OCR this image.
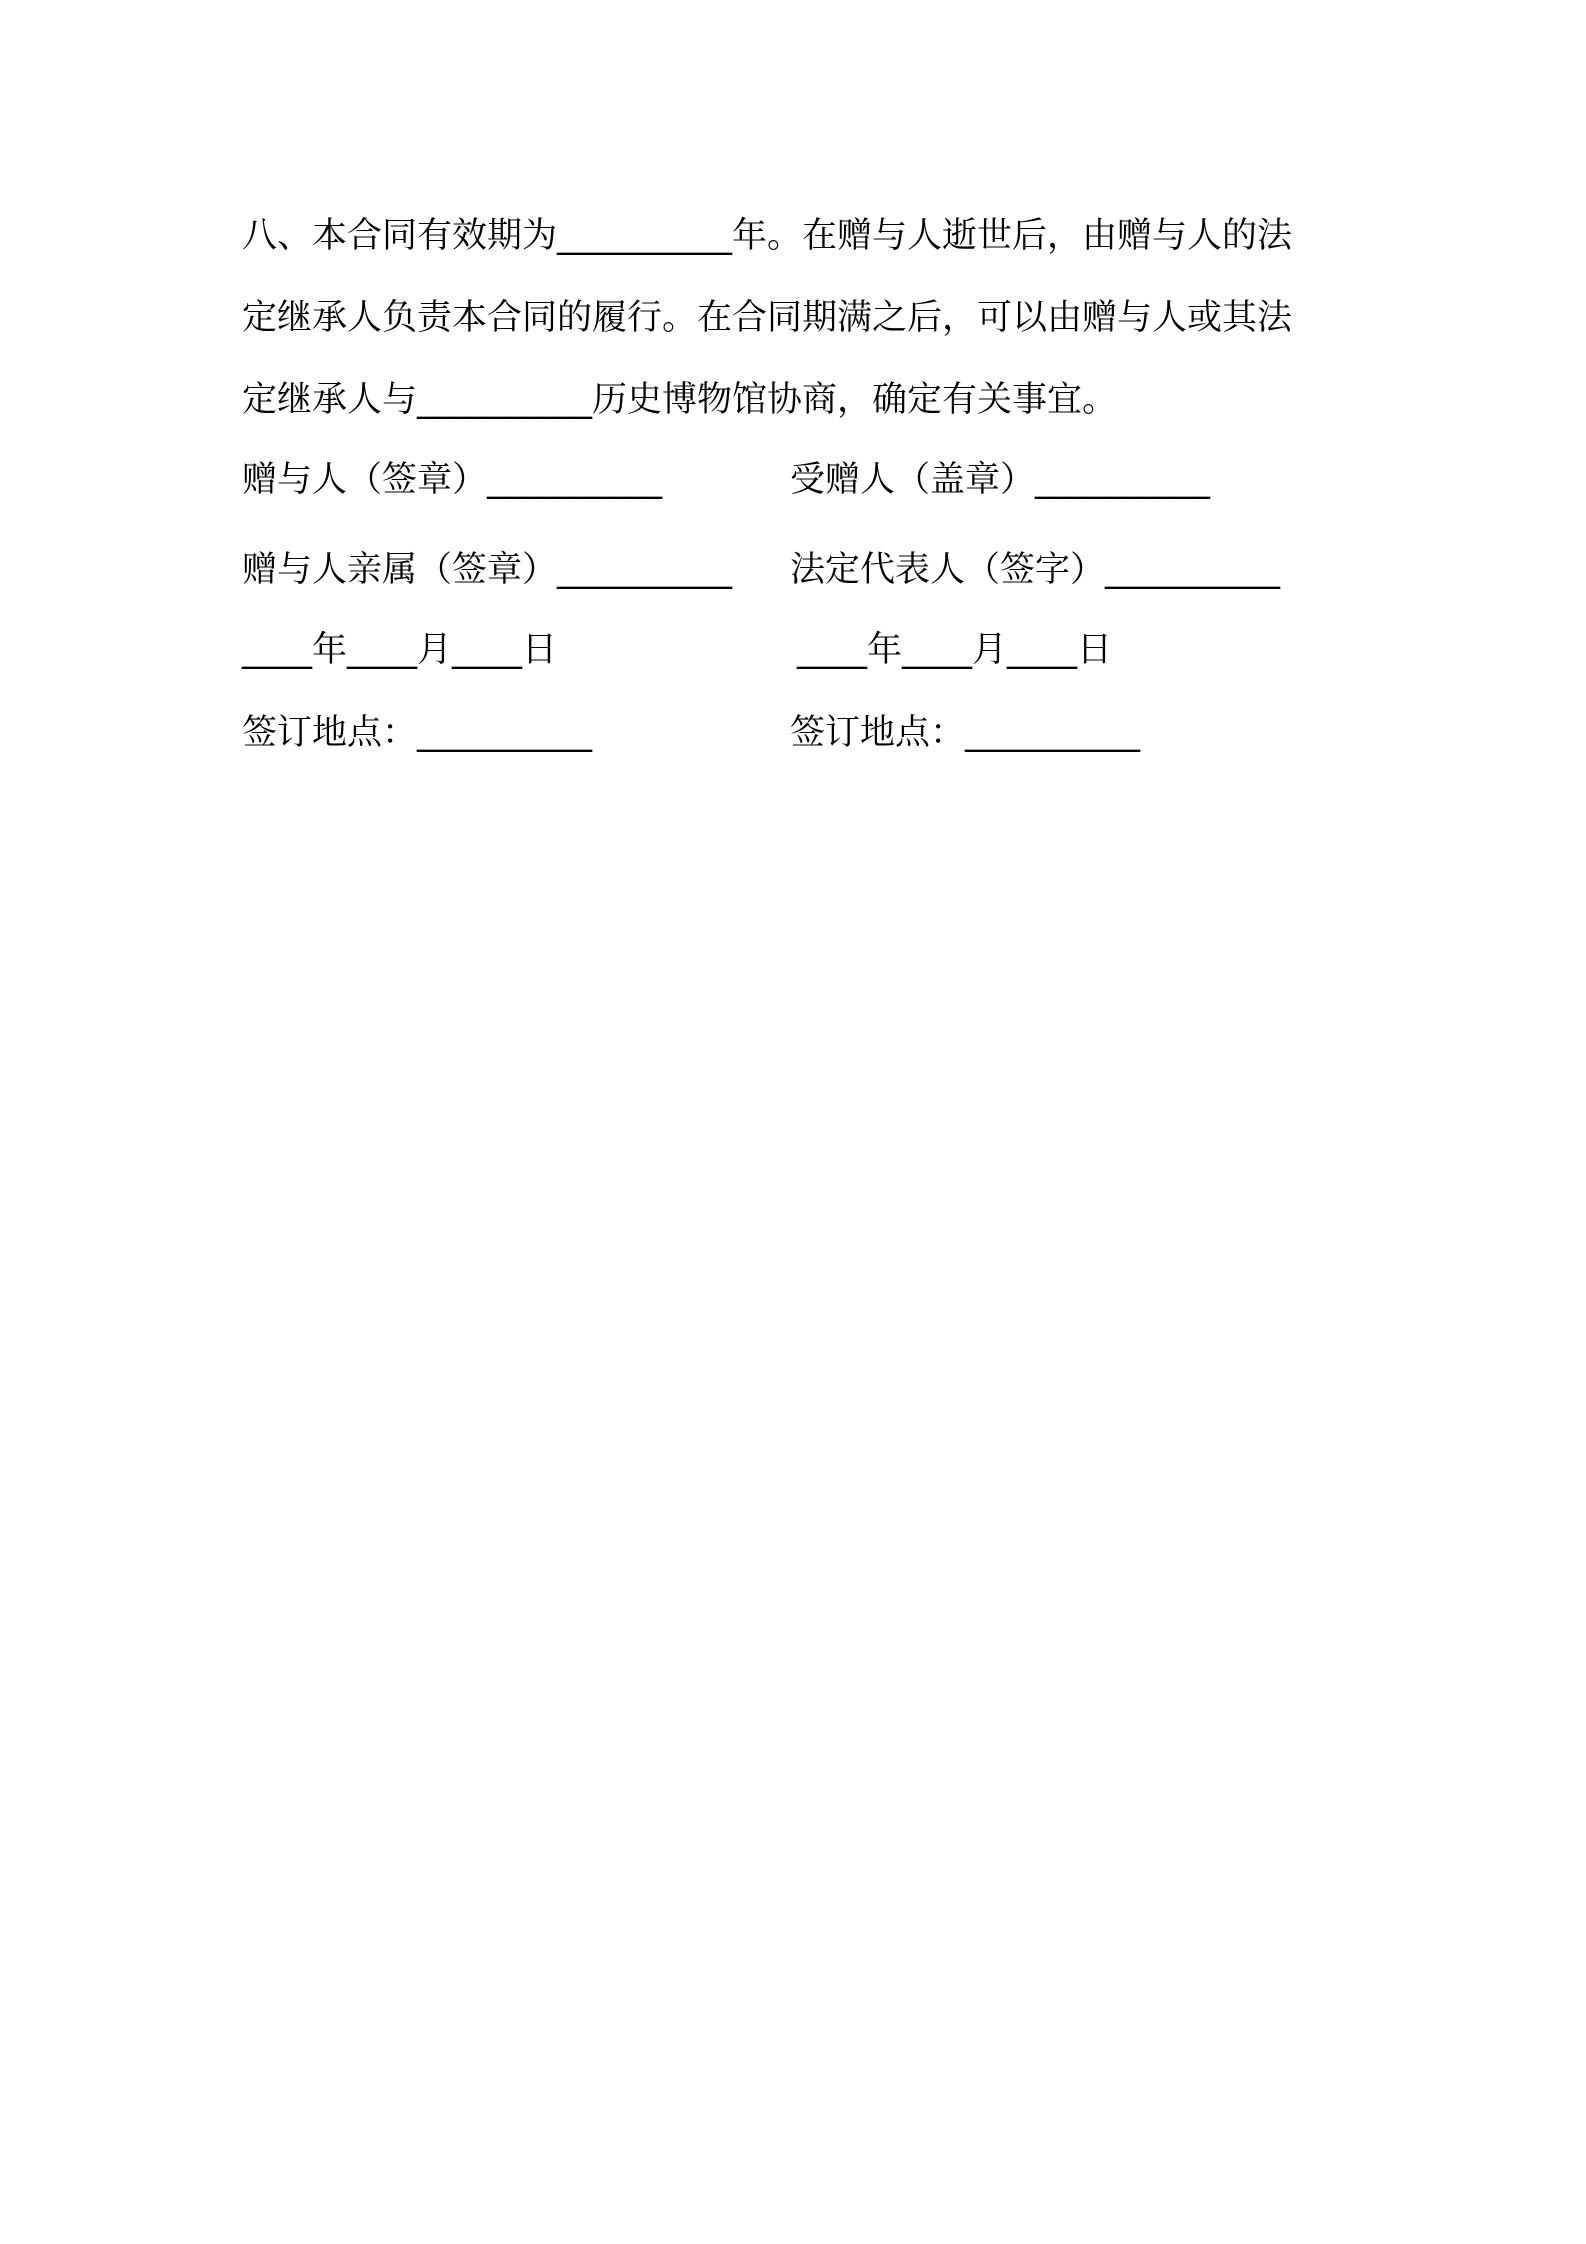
八、本合同有效期为__________年。在赠与人逝世后，由赠与人的法
定继承人负责本合同的履行。在合同期满之后，可以由赠与人或其法
定继承人与__________历史博物馆协商，确定有关事宜。
赠与人（签章）__________	受赠人（盖章）__________
赠与人亲属（签章）__________ 法定代表人（签字）__________
____年____月____日	____年____月____日
签订地点：__________	签订地点：__________
